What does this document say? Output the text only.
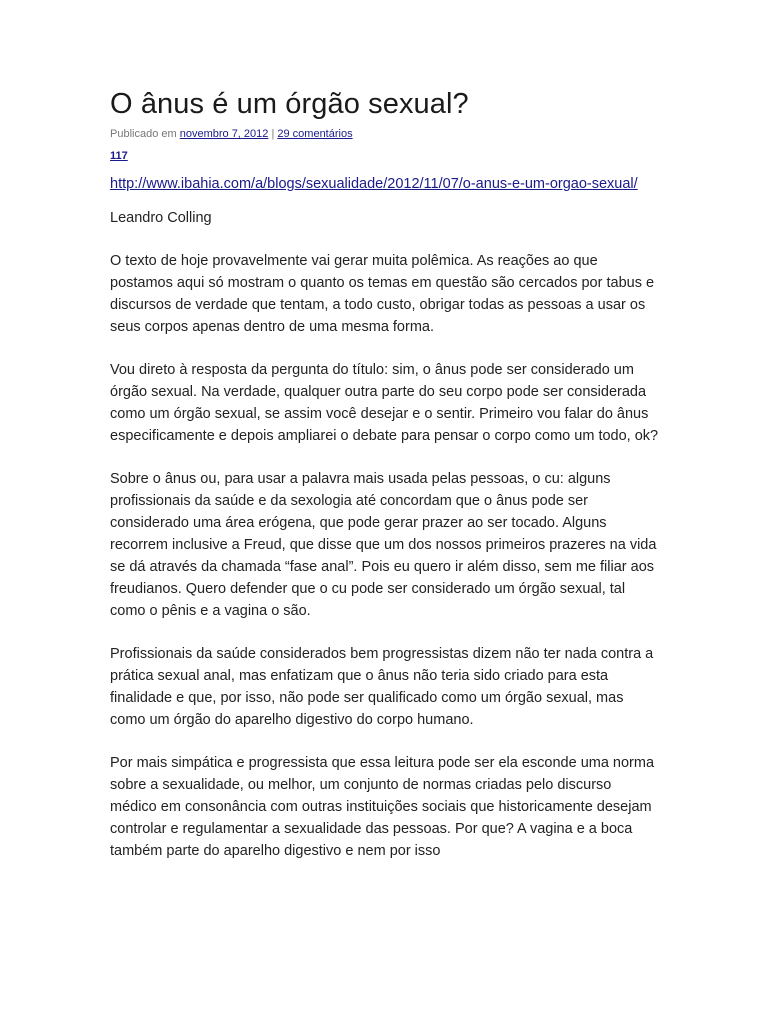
O ânus é um órgão sexual?
Publicado em novembro 7, 2012 | 29 comentários
117
http://www.ibahia.com/a/blogs/sexualidade/2012/11/07/o-anus-e-um-orgao-sexual/
Leandro Colling

O texto de hoje provavelmente vai gerar muita polêmica. As reações ao que postamos aqui só mostram o quanto os temas em questão são cercados por tabus e discursos de verdade que tentam, a todo custo, obrigar todas as pessoas a usar os seus corpos apenas dentro de uma mesma forma.

Vou direto à resposta da pergunta do título: sim, o ânus pode ser considerado um órgão sexual. Na verdade, qualquer outra parte do seu corpo pode ser considerada como um órgão sexual, se assim você desejar e o sentir. Primeiro vou falar do ânus especificamente e depois ampliarei o debate para pensar o corpo como um todo, ok?

Sobre o ânus ou, para usar a palavra mais usada pelas pessoas, o cu: alguns profissionais da saúde e da sexologia até concordam que o ânus pode ser considerado uma área erógena, que pode gerar prazer ao ser tocado. Alguns recorrem inclusive a Freud, que disse que um dos nossos primeiros prazeres na vida se dá através da chamada “fase anal”. Pois eu quero ir além disso, sem me filiar aos freudianos. Quero defender que o cu pode ser considerado um órgão sexual, tal como o pênis e a vagina o são.

Profissionais da saúde considerados bem progressistas dizem não ter nada contra a prática sexual anal, mas enfatizam que o ânus não teria sido criado para esta finalidade e que, por isso, não pode ser qualificado como um órgão sexual, mas como um órgão do aparelho digestivo do corpo humano.

Por mais simpática e progressista que essa leitura pode ser ela esconde uma norma sobre a sexualidade, ou melhor, um conjunto de normas criadas pelo discurso médico em consonância com outras instituições sociais que historicamente desejam controlar e regulamentar a sexualidade das pessoas. Por que? A vagina e a boca também parte do aparelho digestivo e nem por isso
